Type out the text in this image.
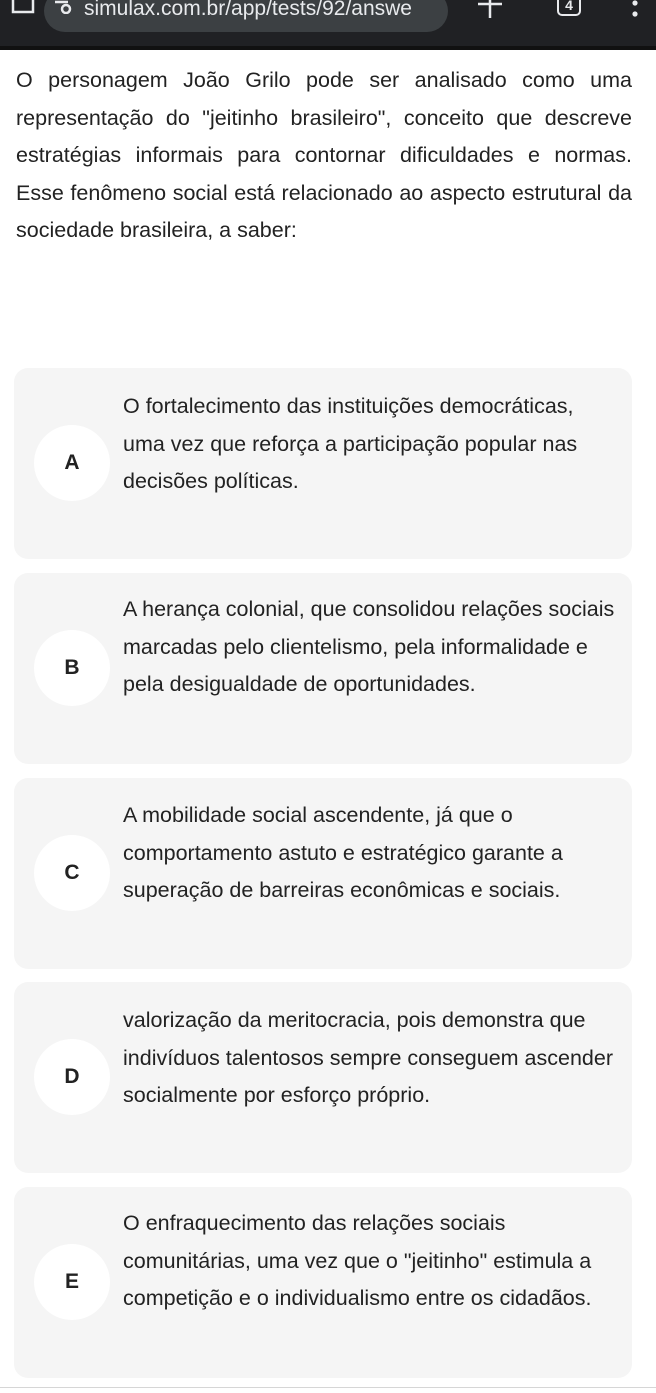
simulax.com.br/app/tests/92/answe	4

O personagem João Grilo pode ser analisado como uma representação do "jeitinho brasileiro", conceito que descreve estratégias informais para contornar dificuldades e normas. Esse fenômeno social está relacionado ao aspecto estrutural da sociedade brasileira, a saber:

A

O fortalecimento das instituições democráticas, uma vez que reforça a participação popular nas decisões políticas.

B

A herança colonial, que consolidou relações sociais marcadas pelo clientelismo, pela informalidade e pela desigualdade de oportunidades.

C

A mobilidade social ascendente, já que o comportamento astuto e estratégico garante a superação de barreiras econômicas e sociais.

D

valorização da meritocracia, pois demonstra que indivíduos talentosos sempre conseguem ascender socialmente por esforço próprio.

E

O enfraquecimento das relações sociais comunitárias, uma vez que o "jeitinho" estimula a competição e o individualismo entre os cidadãos.
